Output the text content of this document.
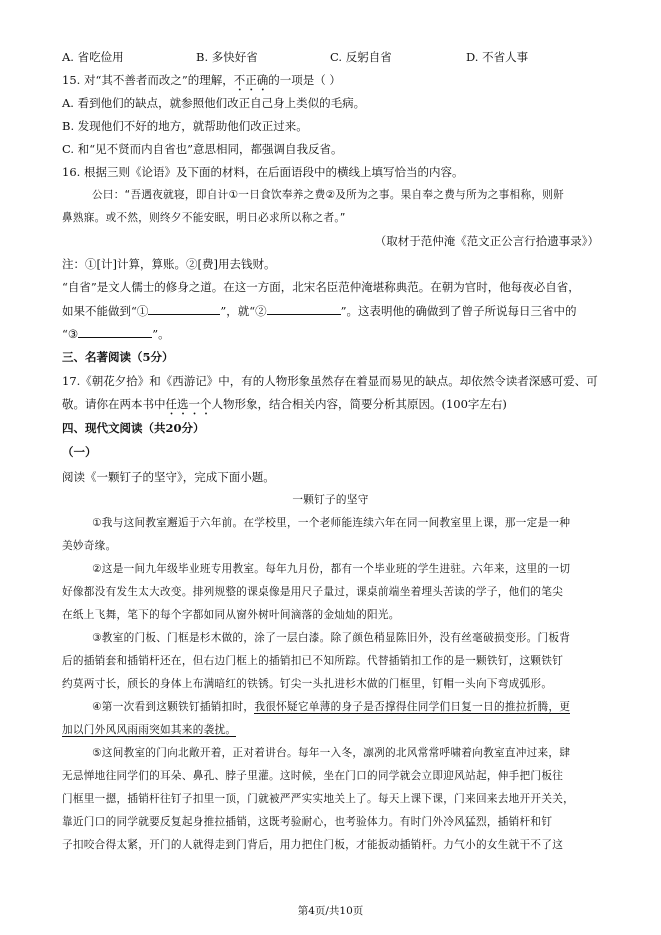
A. 省吃俭用	B. 多快好省	C. 反躬自省	D. 不省人事
15. 对“其不善者而改之”的理解，不正确的一项是（ ）
A. 看到他们的缺点，就参照他们改正自己身上类似的毛病。
B. 发现他们不好的地方，就帮助他们改正过来。
C. 和“见不贤而内自省也”意思相同，都强调自我反省。
16. 根据三则《论语》及下面的材料，在后面语段中的横线上填写恰当的内容。
公曰：“吾遇夜就寝，即自计①一日食饮奉养之费②及所为之事。果自奉之费与所为之事相称，则鼾
鼻熟寐。或不然，则终夕不能安眠，明日必求所以称之者。”
（取材于范仲淹《范文正公言行拾遗事录》）
注：①[计]计算，算账。②[费]用去钱财。
“自省”是文人儒士的修身之道。在这一方面，北宋名臣范仲淹堪称典范。在朝为官时，他每夜必自省，
如果不能做到“①	”，就“②	”。这表明他的确做到了曾子所说每日三省中的
“③	”。
三、名著阅读（5分）
17.《朝花夕拾》和《西游记》中，有的人物形象虽然存在着显而易见的缺点。却依然令读者深感可爱、可
敬。请你在两本书中任选一个人物形象，结合相关内容，简要分析其原因。(100字左右)
四、现代文阅读（共20分）
（一）
阅读《一颗钉子的坚守》，完成下面小题。
一颗钉子的坚守
①我与这间教室邂逅于六年前。在学校里，一个老师能连续六年在同一间教室里上课，那一定是一种
美妙奇缘。
②这是一间九年级毕业班专用教室。每年九月份，都有一个毕业班的学生进驻。六年来，这里的一切
好像都没有发生太大改变。排列规整的课桌像是用尺子量过，课桌前端坐着埋头苦读的学子，他们的笔尖
在纸上飞舞，笔下的每个字都如同从窗外树叶间滴落的金灿灿的阳光。
③教室的门板、门框是杉木做的，涂了一层白漆。除了颜色稍显陈旧外，没有丝毫破损变形。门板背
后的插销套和插销杆还在，但右边门框上的插销扣已不知所踪。代替插销扣工作的是一颗铁钉，这颗铁钉
约莫两寸长，颀长的身体上布满暗红的铁锈。钉尖一头扎进杉木做的门框里，钉帽一头向下弯成弧形。
④第一次看到这颗铁钉插销扣时，我很怀疑它单薄的身子是否撑得住同学们日复一日的推拉折腾，更
加以门外风风雨雨突如其来的袭扰。
⑤这间教室的门向北敞开着，正对着讲台。每年一入冬，凛冽的北风常常呼啸着向教室直冲过来，肆
无忌惮地往同学们的耳朵、鼻孔、脖子里灌。这时候，坐在门口的同学就会立即迎风站起，伸手把门板往
门框里一摁，插销杆往钉子扣里一顶，门就被严严实实地关上了。每天上课下课，门来回来去地开开关关，
靠近门口的同学就要反复起身推拉插销，这既考验耐心，也考验体力。有时门外冷风猛烈，插销杆和钉
子扣咬合得太紧，开门的人就得走到门背后，用力把住门板，才能扳动插销杆。力气小的女生就干不了这
第4页/共10页
